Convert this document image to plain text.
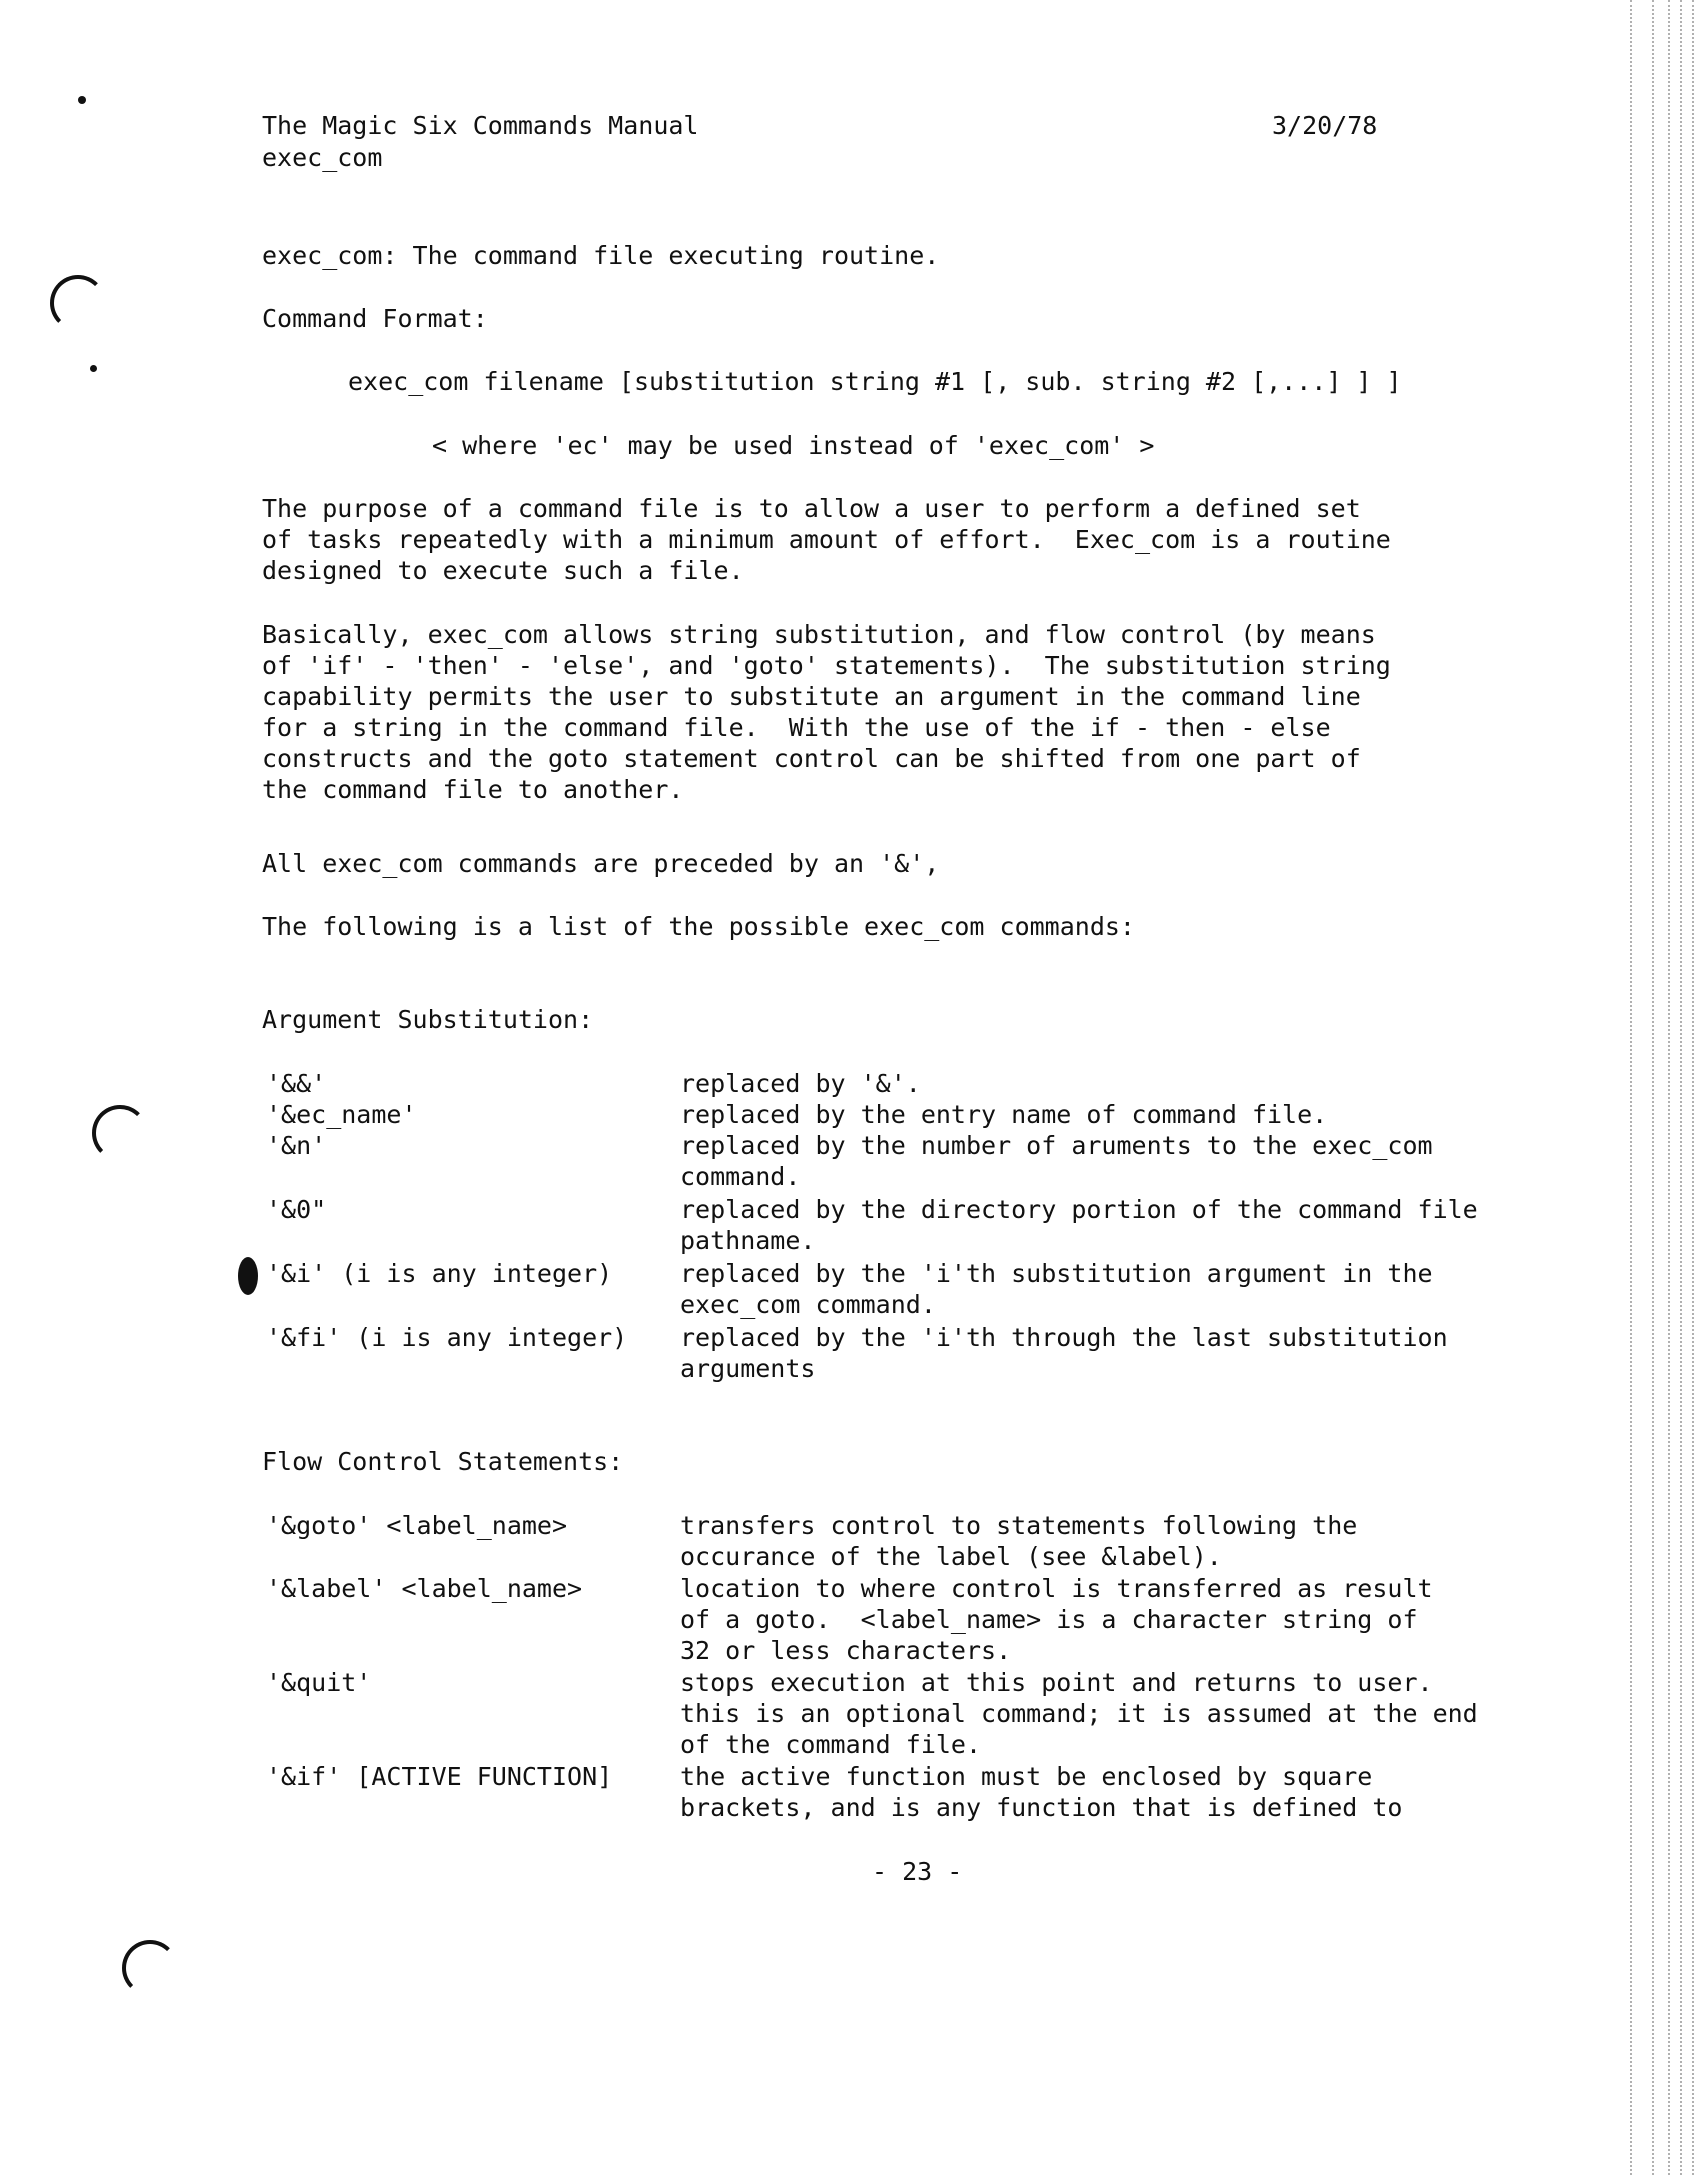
The Magic Six Commands Manual	3/20/78
exec_com
exec_com: The command file executing routine.
Command Format:
exec_com filename [substitution string #1 [, sub. string #2 [,...] ] ]
< where 'ec' may be used instead of 'exec_com' >
The purpose of a command file is to allow a user to perform a defined set
of tasks repeatedly with a minimum amount of effort.  Exec_com is a routine
designed to execute such a file.
Basically, exec_com allows string substitution, and flow control (by means
of 'if' - 'then' - 'else', and 'goto' statements).  The substitution string
capability permits the user to substitute an argument in the command line
for a string in the command file.  With the use of the if - then - else
constructs and the goto statement control can be shifted from one part of
the command file to another.
All exec_com commands are preceded by an '&',
The following is a list of the possible exec_com commands:
Argument Substitution:
'&&'	replaced by '&'.
'&ec_name'	replaced by the entry name of command file.
'&n'	replaced by the number of aruments to the exec_com
command.
'&0"	replaced by the directory portion of the command file
pathname.
'&i' (i is any integer)	replaced by the 'i'th substitution argument in the
exec_com command.
'&fi' (i is any integer) replaced by the 'i'th through the last substitution
arguments
Flow Control Statements:
'&goto' <label_name>	transfers control to statements following the
occurance of the label (see &label).
'&label' <label_name>	location to where control is transferred as result
of a goto.  <label_name> is a character string of
32 or less characters.
'&quit'	stops execution at this point and returns to user.
this is an optional command; it is assumed at the end
of the command file.
'&if' [ACTIVE FUNCTION]	the active function must be enclosed by square
brackets, and is any function that is defined to
- 23 -
